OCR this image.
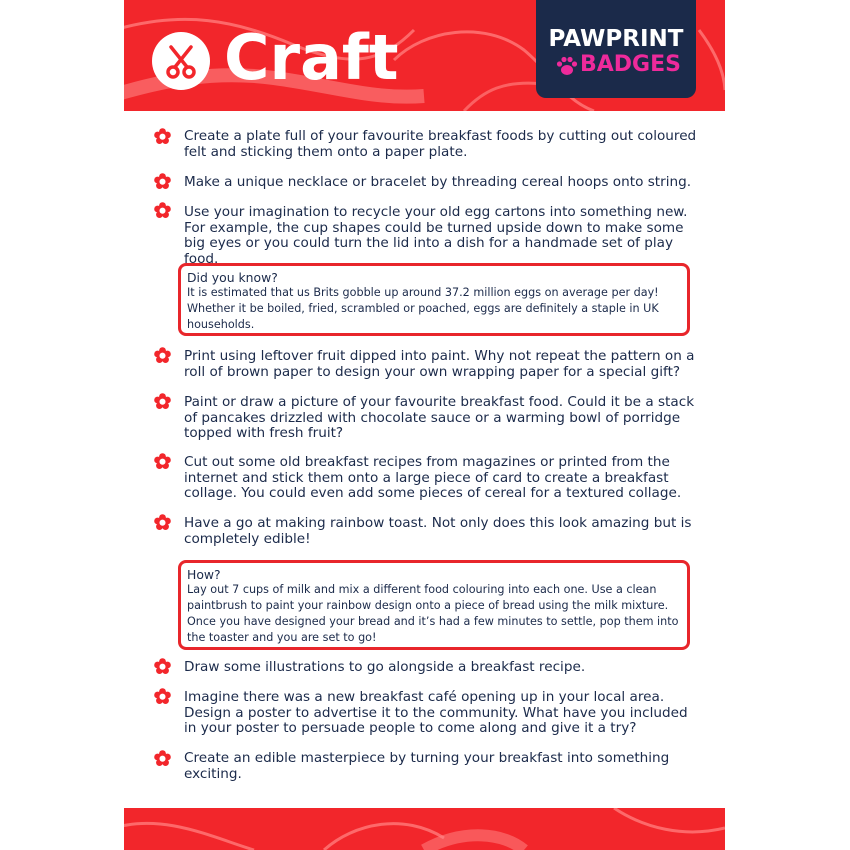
Craft	PAWPRINT
BADGES
Create a plate full of your favourite breakfast foods by cutting out coloured felt and sticking them onto a paper plate.
Make a unique necklace or bracelet by threading cereal hoops onto string.
Use your imagination to recycle your old egg cartons into something new. For example, the cup shapes could be turned upside down to make some big eyes or you could turn the lid into a dish for a handmade set of play food.
Did you know?
It is estimated that us Brits gobble up around 37.2 million eggs on average per day! Whether it be boiled, fried, scrambled or poached, eggs are definitely a staple in UK households.
Print using leftover fruit dipped into paint. Why not repeat the pattern on a roll of brown paper to design your own wrapping paper for a special gift?
Paint or draw a picture of your favourite breakfast food. Could it be a stack of pancakes drizzled with chocolate sauce or a warming bowl of porridge topped with fresh fruit?
Cut out some old breakfast recipes from magazines or printed from the internet and stick them onto a large piece of card to create a breakfast collage. You could even add some pieces of cereal for a textured collage.
Have a go at making rainbow toast. Not only does this look amazing but is completely edible!
How?
Lay out 7 cups of milk and mix a different food colouring into each one. Use a clean paintbrush to paint your rainbow design onto a piece of bread using the milk mixture. Once you have designed your bread and it’s had a few minutes to settle, pop them into the toaster and you are set to go!
Draw some illustrations to go alongside a breakfast recipe.
Imagine there was a new breakfast café opening up in your local area. Design a poster to advertise it to the community. What have you included in your poster to persuade people to come along and give it a try?
Create an edible masterpiece by turning your breakfast into something exciting.
